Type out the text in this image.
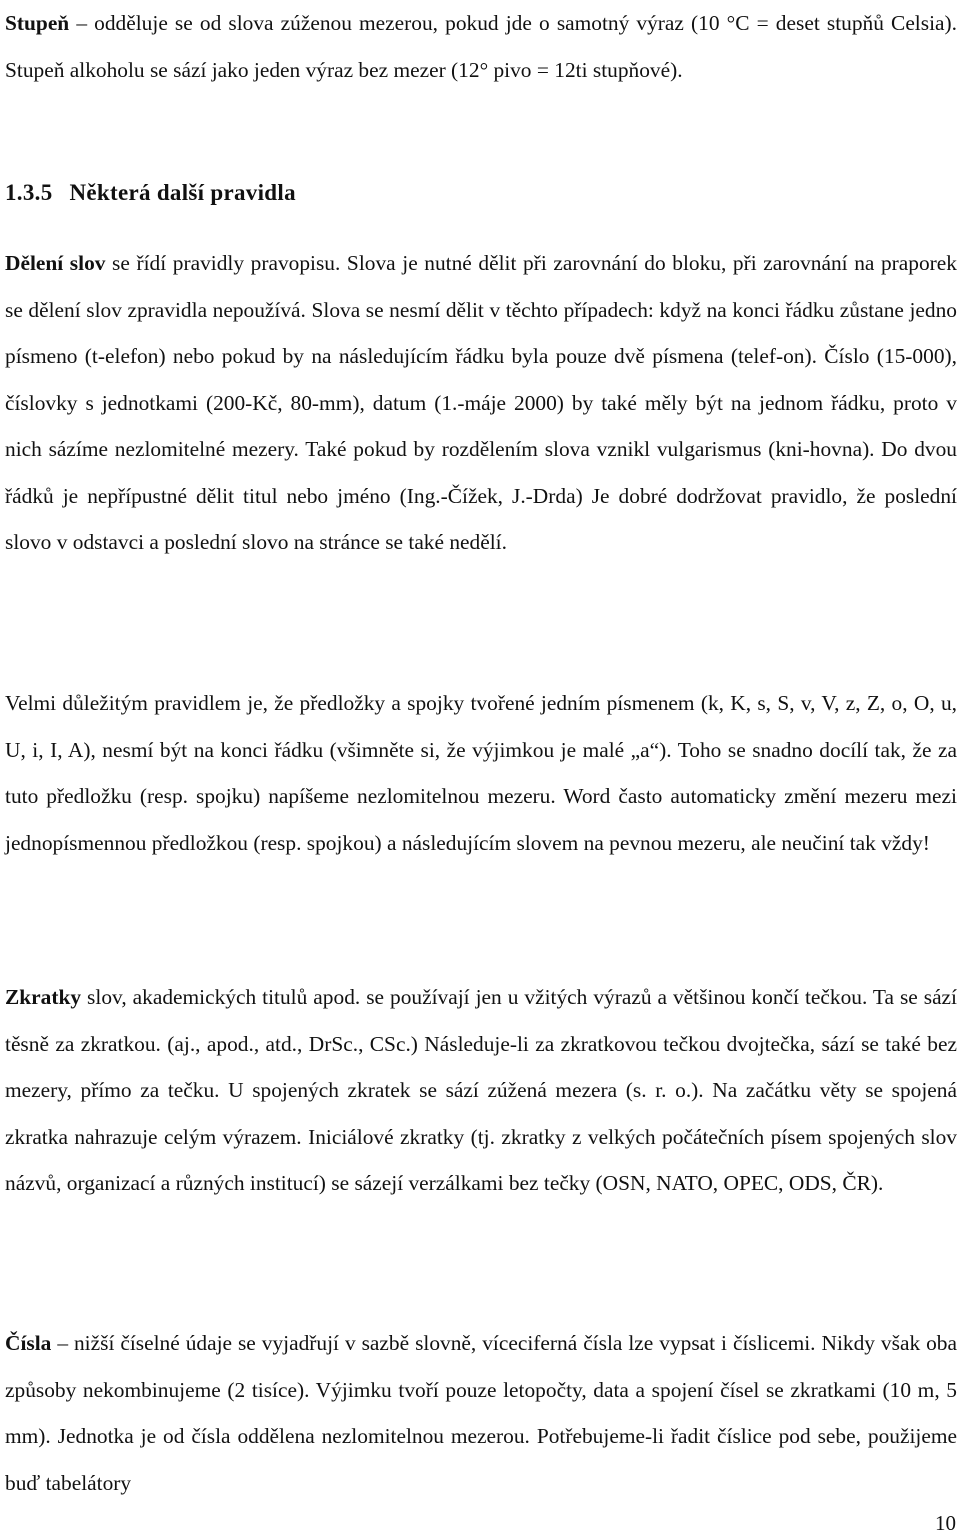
Stupeň – odděluje se od slova zúženou mezerou, pokud jde o samotný výraz (10 °C = deset stupňů Celsia). Stupeň alkoholu se sází jako jeden výraz bez mezer (12° pivo = 12ti stupňové).

1.3.5 Některá další pravidla

Dělení slov se řídí pravidly pravopisu. Slova je nutné dělit při zarovnání do bloku, při zarovnání na praporek se dělení slov zpravidla nepoužívá. Slova se nesmí dělit v těchto případech: když na konci řádku zůstane jedno písmeno (t-elefon) nebo pokud by na následujícím řádku byla pouze dvě písmena (telef-on). Číslo (15-000), číslovky s jednotkami (200-Kč, 80-mm), datum (1.-máje 2000) by také měly být na jednom řádku, proto v nich sázíme nezlomitelné mezery. Také pokud by rozdělením slova vznikl vulgarismus (kni-hovna). Do dvou řádků je nepřípustné dělit titul nebo jméno (Ing.-Čížek, J.-Drda) Je dobré dodržovat pravidlo, že poslední slovo v odstavci a poslední slovo na stránce se také nedělí.

Velmi důležitým pravidlem je, že předložky a spojky tvořené jedním písmenem (k, K, s, S, v, V, z, Z, o, O, u, U, i, I, A), nesmí být na konci řádku (všimněte si, že výjimkou je malé „a“). Toho se snadno docílí tak, že za tuto předložku (resp. spojku) napíšeme nezlomitelnou mezeru. Word často automaticky změní mezeru mezi jednopísmennou předložkou (resp. spojkou) a následujícím slovem na pevnou mezeru, ale neučiní tak vždy!

Zkratky slov, akademických titulů apod. se používají jen u vžitých výrazů a většinou končí tečkou. Ta se sází těsně za zkratkou. (aj., apod., atd., DrSc., CSc.) Následuje-li za zkratkovou tečkou dvojtečka, sází se také bez mezery, přímo za tečku. U spojených zkratek se sází zúžená mezera (s. r. o.). Na začátku věty se spojená zkratka nahrazuje celým výrazem. Iniciálové zkratky (tj. zkratky z velkých počátečních písem spojených slov názvů, organizací a různých institucí) se sázejí verzálkami bez tečky (OSN, NATO, OPEC, ODS, ČR).

Čísla – nižší číselné údaje se vyjadřují v sazbě slovně, víceciferná čísla lze vypsat i číslicemi. Nikdy však oba způsoby nekombinujeme (2 tisíce). Výjimku tvoří pouze letopočty, data a spojení čísel se zkratkami (10 m, 5 mm). Jednotka je od čísla oddělena nezlomitelnou mezerou. Potřebujeme-li řadit číslice pod sebe, použijeme buď tabelátory

10
